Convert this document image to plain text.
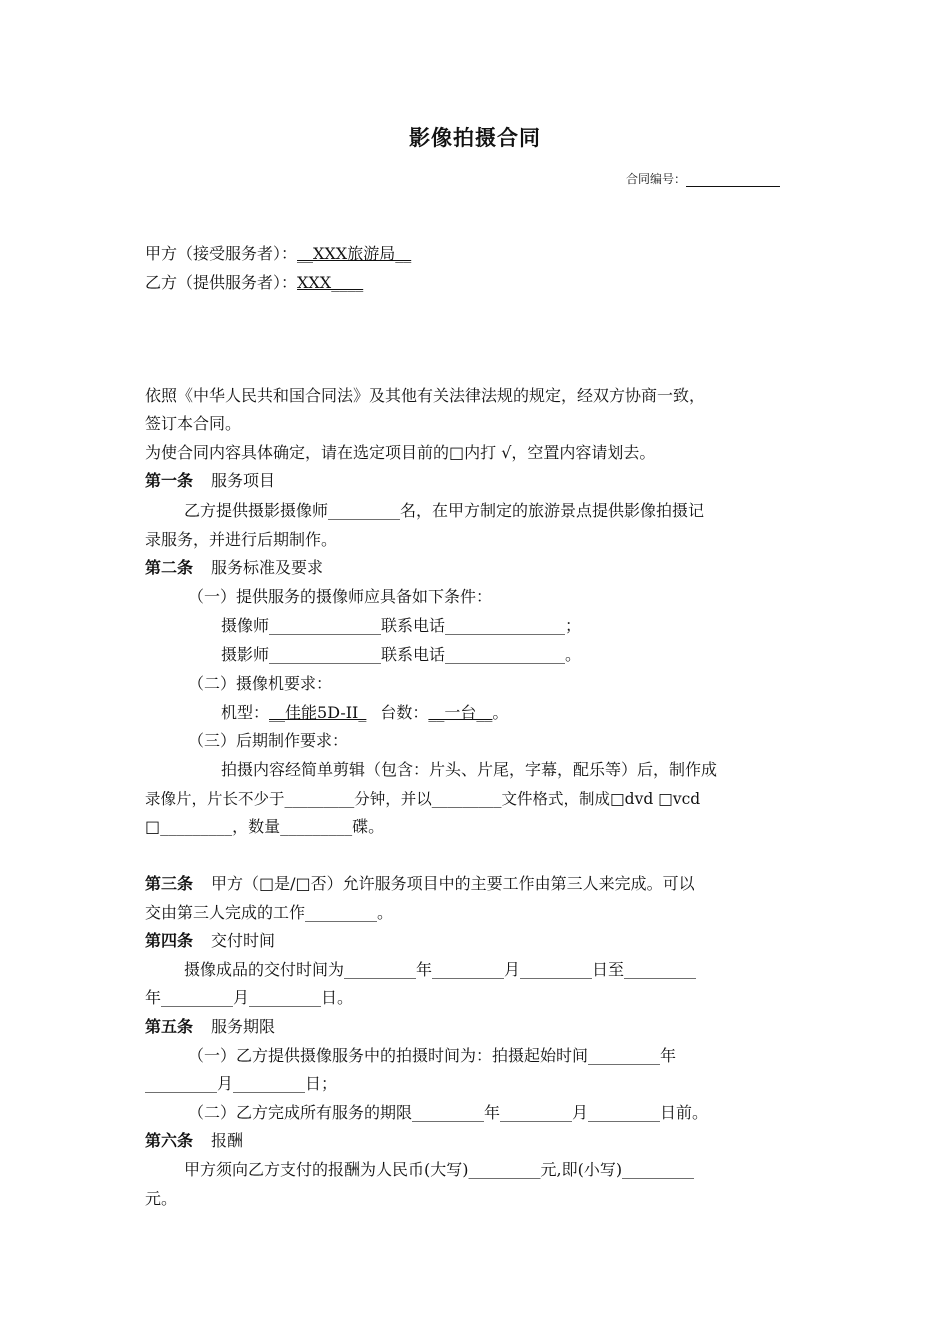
影像拍摄合同
合同编号：
甲方（接受服务者）：__XXX旅游局__
乙方（提供服务者）：XXX____
依照《中华人民共和国合同法》及其他有关法律法规的规定，经双方协商一致，
签订本合同。
为使合同内容具体确定，请在选定项目前的□内打 √，空置内容请划去。
第一条 服务项目
乙方提供摄影摄像师_________名，在甲方制定的旅游景点提供影像拍摄记
录服务，并进行后期制作。
第二条 服务标准及要求
（一）提供服务的摄像师应具备如下条件：
摄像师______________联系电话_______________；
摄影师______________联系电话_______________。
（二）摄像机要求：
机型：__佳能5D-II_ 台数：__一台__。
（三）后期制作要求：
拍摄内容经简单剪辑（包含：片头、片尾，字幕，配乐等）后，制作成
录像片，片长不少于_________分钟，并以_________文件格式，制成□dvd □vcd
□_________，数量_________碟。
第三条 甲方（□是/□否）允许服务项目中的主要工作由第三人来完成。可以
交由第三人完成的工作_________。
第四条 交付时间
摄像成品的交付时间为_________年_________月_________日至_________
年_________月_________日。
第五条 服务期限
（一）乙方提供摄像服务中的拍摄时间为：拍摄起始时间_________年
_________月_________日；
（二）乙方完成所有服务的期限_________年_________月_________日前。
第六条 报酬
甲方须向乙方支付的报酬为人民币(大写)_________元,即(小写)_________
元。
